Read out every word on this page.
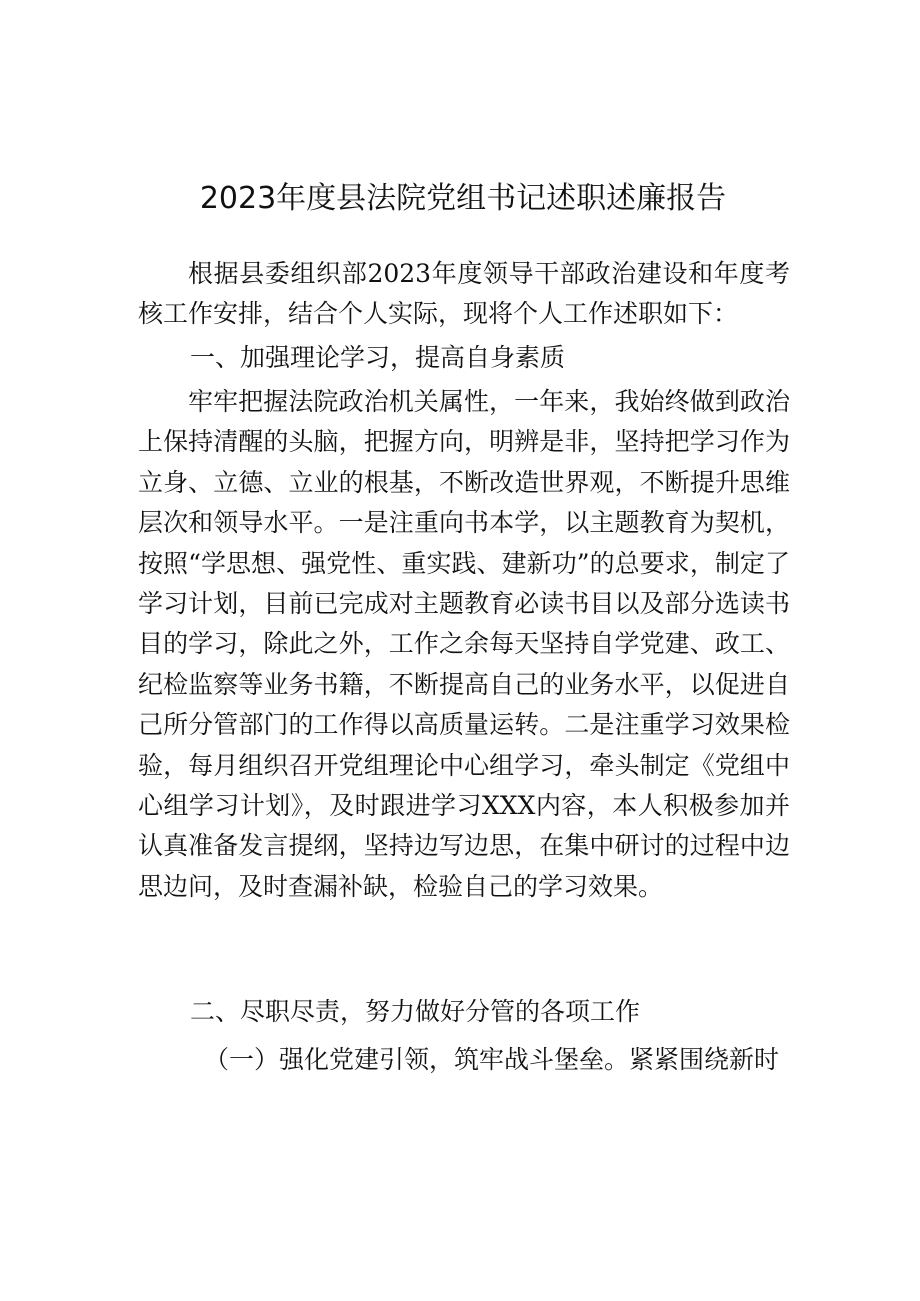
2023年度县法院党组书记述职述廉报告

根据县委组织部2023年度领导干部政治建设和年度考核工作安排，结合个人实际，现将个人工作述职如下：

一、加强理论学习，提高自身素质

牢牢把握法院政治机关属性，一年来，我始终做到政治上保持清醒的头脑，把握方向，明辨是非，坚持把学习作为立身、立德、立业的根基，不断改造世界观，不断提升思维层次和领导水平。一是注重向书本学，以主题教育为契机，按照“学思想、强党性、重实践、建新功”的总要求，制定了学习计划，目前已完成对主题教育必读书目以及部分选读书目的学习，除此之外，工作之余每天坚持自学党建、政工、纪检监察等业务书籍，不断提高自己的业务水平，以促进自己所分管部门的工作得以高质量运转。二是注重学习效果检验，每月组织召开党组理论中心组学习，牵头制定《党组中心组学习计划》，及时跟进学习XXX内容，本人积极参加并认真准备发言提纲，坚持边写边思，在集中研讨的过程中边思边问，及时查漏补缺，检验自己的学习效果。

二、尽职尽责，努力做好分管的各项工作

（一）强化党建引领，筑牢战斗堡垒。紧紧围绕新时
